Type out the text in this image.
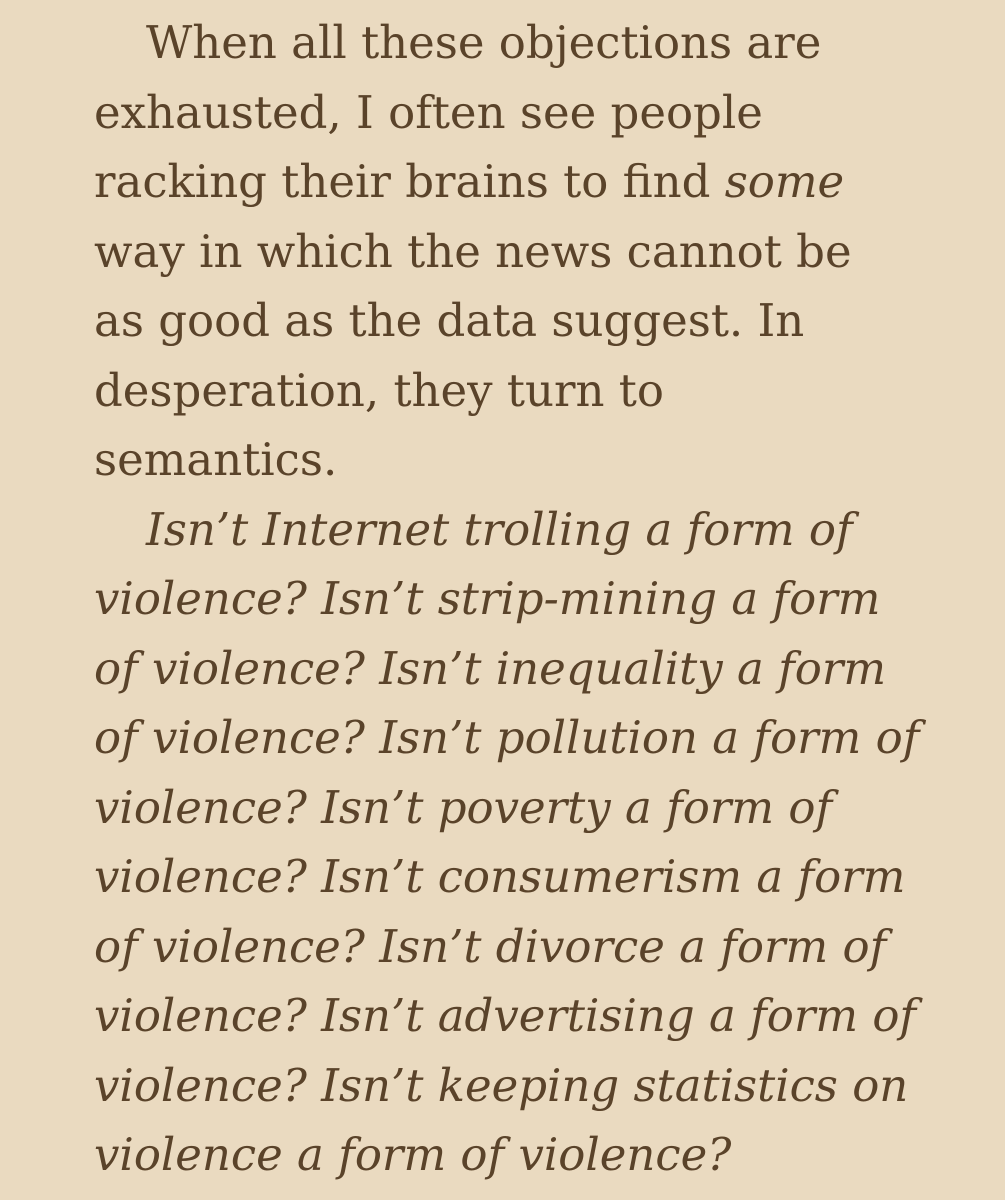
When all these objections are
exhausted, I often see people
racking their brains to find some
way in which the news cannot be
as good as the data suggest. In
desperation, they turn to
semantics.

Isn’t Internet trolling a form of
violence? Isn’t strip-mining a form
of violence? Isn’t inequality a form
of violence? Isn’t pollution a form of
violence? Isn’t poverty a form of
violence? Isn’t consumerism a form
of violence? Isn’t divorce a form of
violence? Isn’t advertising a form of
violence? Isn’t keeping statistics on
violence a form of violence?
